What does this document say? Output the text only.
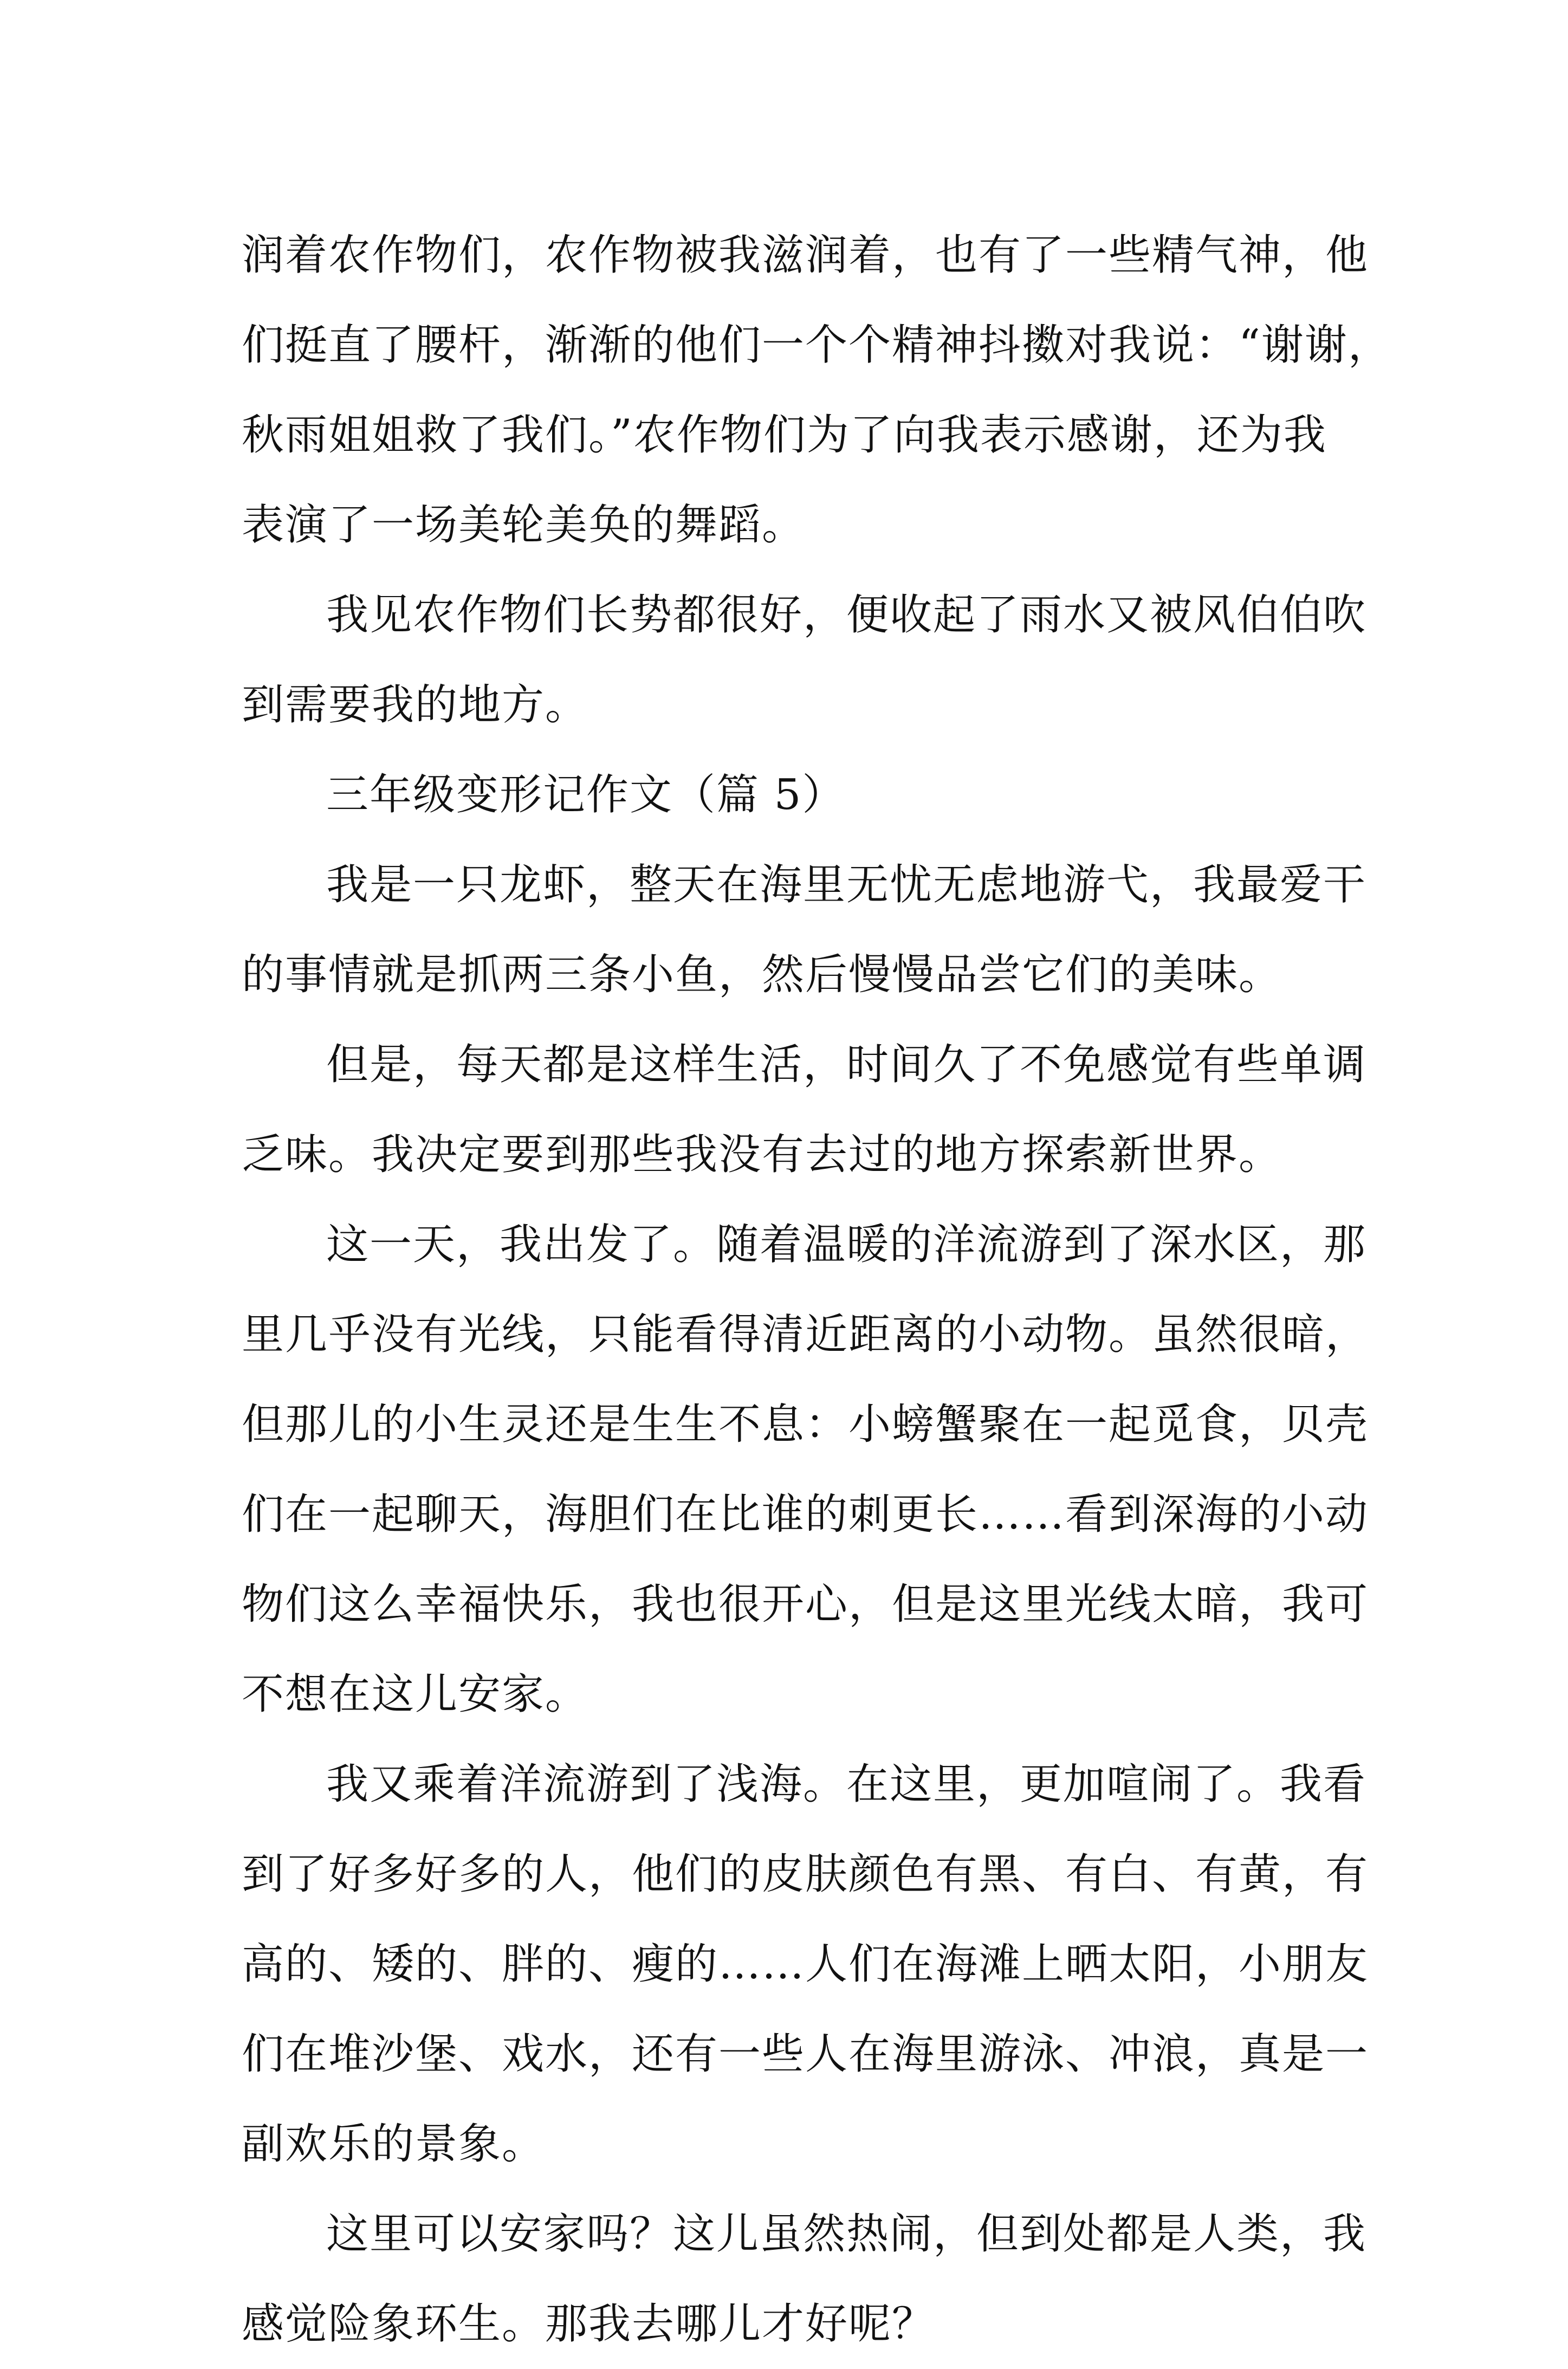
润着农作物们，农作物被我滋润着，也有了一些精气神，他
们挺直了腰杆，渐渐的他们一个个精神抖擞对我说：“谢谢，
秋雨姐姐救了我们。”农作物们为了向我表示感谢，还为我
表演了一场美轮美奂的舞蹈。
我见农作物们长势都很好，便收起了雨水又被风伯伯吹
到需要我的地方。
三年级变形记作文（篇 5）
我是一只龙虾，整天在海里无忧无虑地游弋，我最爱干
的事情就是抓两三条小鱼，然后慢慢品尝它们的美味。
但是，每天都是这样生活，时间久了不免感觉有些单调
乏味。我决定要到那些我没有去过的地方探索新世界。
这一天，我出发了。随着温暖的洋流游到了深水区，那
里几乎没有光线，只能看得清近距离的小动物。虽然很暗，
但那儿的小生灵还是生生不息：小螃蟹聚在一起觅食，贝壳
们在一起聊天，海胆们在比谁的刺更长……看到深海的小动
物们这么幸福快乐，我也很开心，但是这里光线太暗，我可
不想在这儿安家。
我又乘着洋流游到了浅海。在这里，更加喧闹了。我看
到了好多好多的人，他们的皮肤颜色有黑、有白、有黄，有
高的、矮的、胖的、瘦的……人们在海滩上晒太阳，小朋友
们在堆沙堡、戏水，还有一些人在海里游泳、冲浪，真是一
副欢乐的景象。
这里可以安家吗？这儿虽然热闹，但到处都是人类，我
感觉险象环生。那我去哪儿才好呢？
